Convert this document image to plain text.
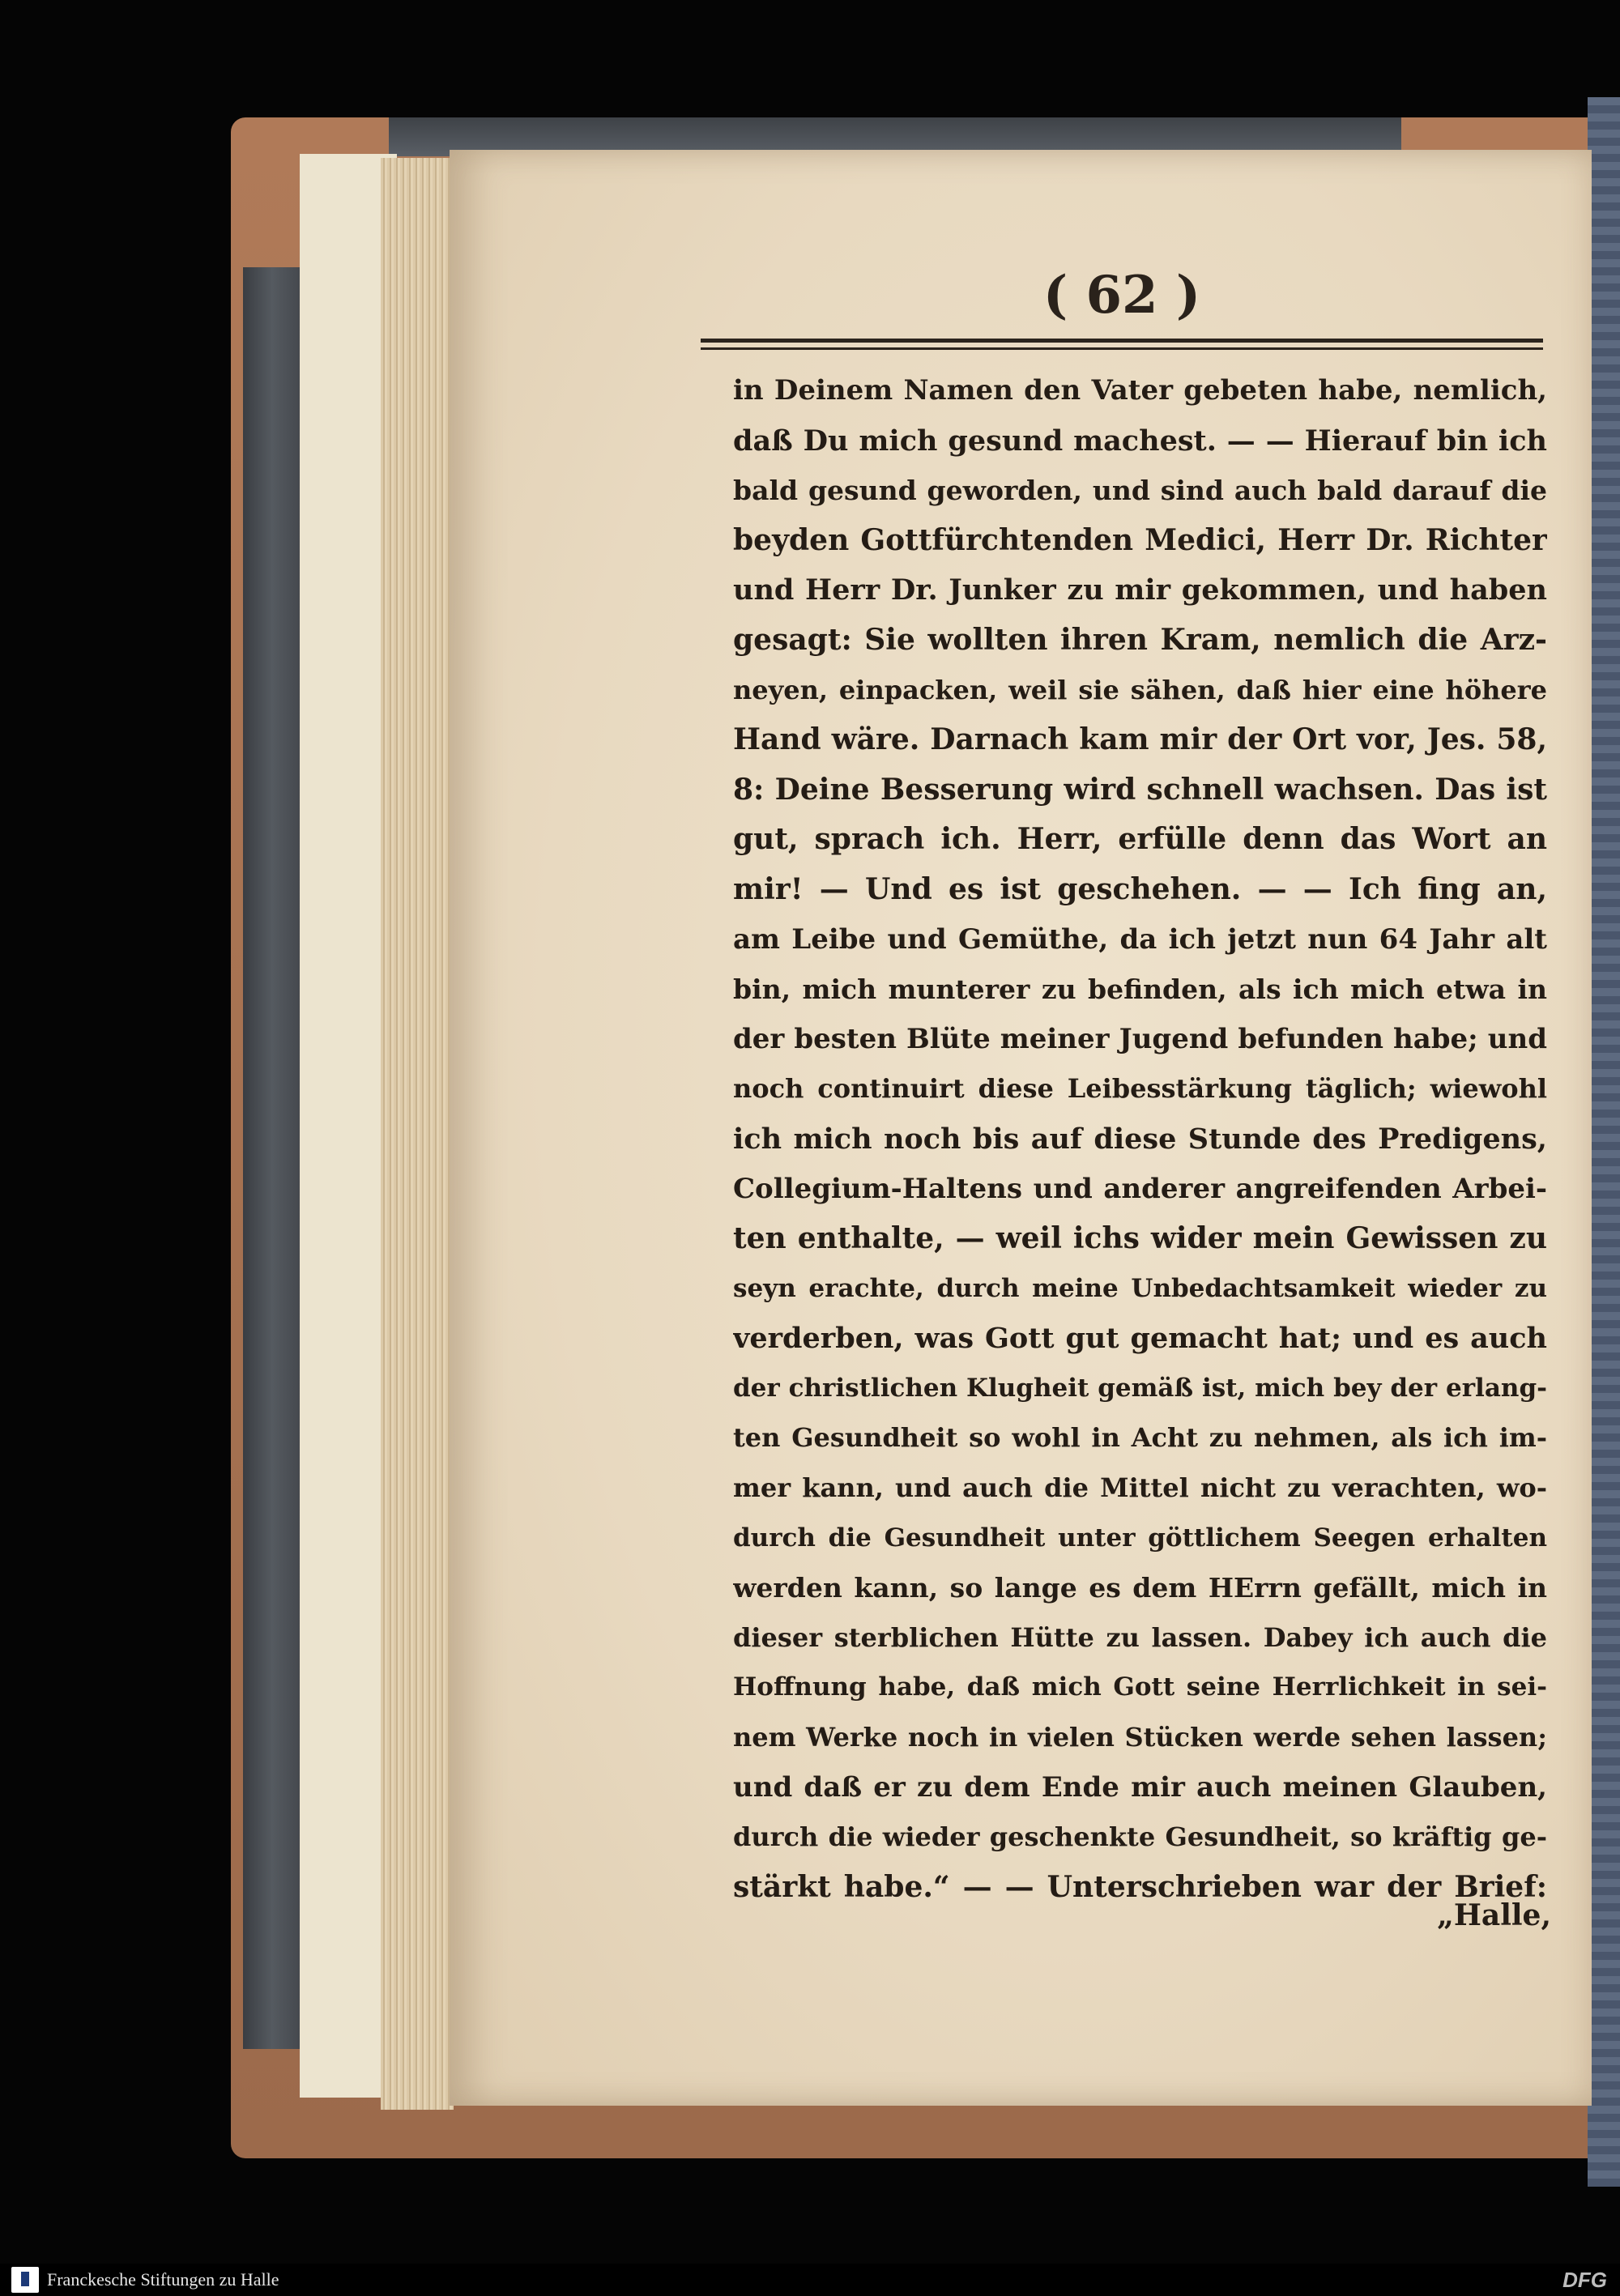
( 62 )

in Deinem Namen den Vater gebeten habe, nemlich,
daß Du mich gesund machest. — — Hierauf bin ich
bald gesund geworden, und sind auch bald darauf die
beyden Gottfürchtenden Medici, Herr Dr. Richter
und Herr Dr. Junker zu mir gekommen, und haben
gesagt: Sie wollten ihren Kram, nemlich die Arz-
neyen, einpacken, weil sie sähen, daß hier eine höhere
Hand wäre. Darnach kam mir der Ort vor, Jes. 58,
8: Deine Besserung wird schnell wachsen. Das ist
gut, sprach ich. Herr, erfülle denn das Wort an
mir! — Und es ist geschehen. — — Ich fing an,
am Leibe und Gemüthe, da ich jetzt nun 64 Jahr alt
bin, mich munterer zu befinden, als ich mich etwa in
der besten Blüte meiner Jugend befunden habe; und
noch continuirt diese Leibesstärkung täglich; wiewohl
ich mich noch bis auf diese Stunde des Predigens,
Collegium-Haltens und anderer angreifenden Arbei-
ten enthalte, — weil ichs wider mein Gewissen zu
seyn erachte, durch meine Unbedachtsamkeit wieder zu
verderben, was Gott gut gemacht hat; und es auch
der christlichen Klugheit gemäß ist, mich bey der erlang-
ten Gesundheit so wohl in Acht zu nehmen, als ich im-
mer kann, und auch die Mittel nicht zu verachten, wo-
durch die Gesundheit unter göttlichem Seegen erhalten
werden kann, so lange es dem HErrn gefällt, mich in
dieser sterblichen Hütte zu lassen. Dabey ich auch die
Hoffnung habe, daß mich Gott seine Herrlichkeit in sei-
nem Werke noch in vielen Stücken werde sehen lassen;
und daß er zu dem Ende mir auch meinen Glauben,
durch die wieder geschenkte Gesundheit, so kräftig ge-
stärkt habe.“ — — Unterschrieben war der Brief:

„Halle,

Franckesche Stiftungen zu Halle	DFG
